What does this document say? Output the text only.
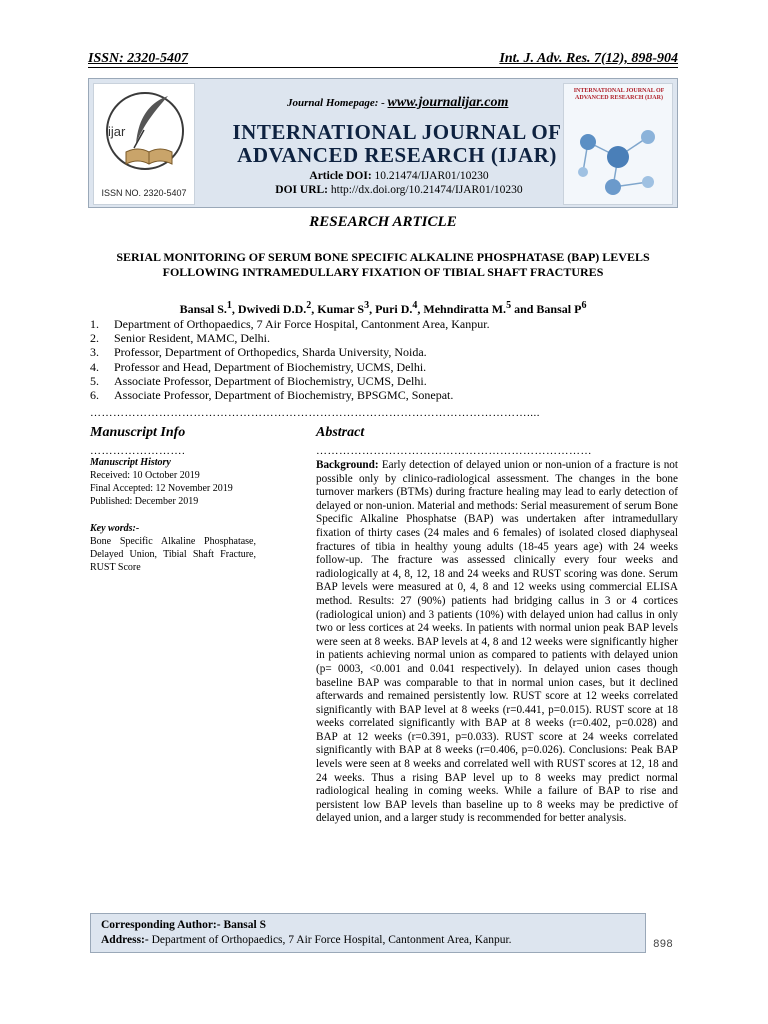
ISSN: 2320-5407	Int. J. Adv. Res. 7(12), 898-904
ijar
ISSN NO. 2320-5407
Journal Homepage: - www.journalijar.com
INTERNATIONAL JOURNAL OF
ADVANCED RESEARCH (IJAR)
Article DOI: 10.21474/IJAR01/10230
DOI URL: http://dx.doi.org/10.21474/IJAR01/10230
INTERNATIONAL JOURNAL OF ADVANCED RESEARCH (IJAR)
RESEARCH ARTICLE
SERIAL MONITORING OF SERUM BONE SPECIFIC ALKALINE PHOSPHATASE (BAP) LEVELS
FOLLOWING INTRAMEDULLARY FIXATION OF TIBIAL SHAFT FRACTURES
Bansal S.$^1$, Dwivedi D.D.$^2$, Kumar $S^3$, Puri D.$^4$, Mehndiratta M.$^5$ and Bansal $P^6$
1.	Department of Orthopaedics, 7 Air Force Hospital, Cantonment Area, Kanpur.
2.	Senior Resident, MAMC, Delhi.
3.	Professor, Department of Orthopedics, Sharda University, Noida.
4.	Professor and Head, Department of Biochemistry, UCMS, Delhi.
5.	Associate Professor, Department of Biochemistry, UCMS, Delhi.
6.	Associate Professor, Department of Biochemistry, BPSGMC, Sonepat.
……………………………………………………………………………………………………....
Manuscript Info	Abstract
…………………….	………………………………………………………………
Manuscript History
Received: 10 October 2019
Final Accepted: 12 November 2019
Published: December 2019
Key words:-
Bone Specific Alkaline Phosphatase, Delayed Union, Tibial Shaft Fracture, RUST Score
Background: Early detection of delayed union or non-union of a fracture is not possible only by clinico-radiological assessment. The changes in the bone turnover markers (BTMs) during fracture healing may lead to early detection of delayed or non-union. Material and methods: Serial measurement of serum Bone Specific Alkaline Phosphatse (BAP) was undertaken after intramedullary fixation of thirty cases (24 males and 6 females) of isolated closed diaphyseal fractures of tibia in healthy young adults (18-45 years age) with 24 weeks follow-up. The fracture was assessed clinically every four weeks and radiologically at 4, 8, 12, 18 and 24 weeks and RUST scoring was done. Serum BAP levels were measured at 0, 4, 8 and 12 weeks using commercial ELISA method. Results: 27 (90%) patients had bridging callus in 3 or 4 cortices (radiological union) and 3 patients (10%) with delayed union had callus in only two or less cortices at 24 weeks. In patients with normal union peak BAP levels were seen at 8 weeks. BAP levels at 4, 8 and 12 weeks were significantly higher in patients achieving normal union as compared to patients with delayed union (p= 0003, <0.001 and 0.041 respectively). In delayed union cases though baseline BAP was comparable to that in normal union cases, but it declined afterwards and remained persistently low. RUST score at 12 weeks correlated significantly with BAP level at 8 weeks (r=0.441, p=0.015). RUST score at 18 weeks correlated significantly with BAP at 8 weeks (r=0.402, p=0.028) and BAP at 12 weeks (r=0.391, p=0.033). RUST score at 24 weeks correlated significantly with BAP at 8 weeks (r=0.406, p=0.026). Conclusions: Peak BAP levels were seen at 8 weeks and correlated well with RUST scores at 12, 18 and 24 weeks. Thus a rising BAP level up to 8 weeks may predict normal radiological healing in coming weeks. While a failure of BAP to rise and persistent low BAP levels than baseline up to 8 weeks may be predictive of delayed union, and a larger study is recommended for better analysis.
Corresponding Author:- Bansal S
Address:- Department of Orthopaedics, 7 Air Force Hospital, Cantonment Area, Kanpur.	898
